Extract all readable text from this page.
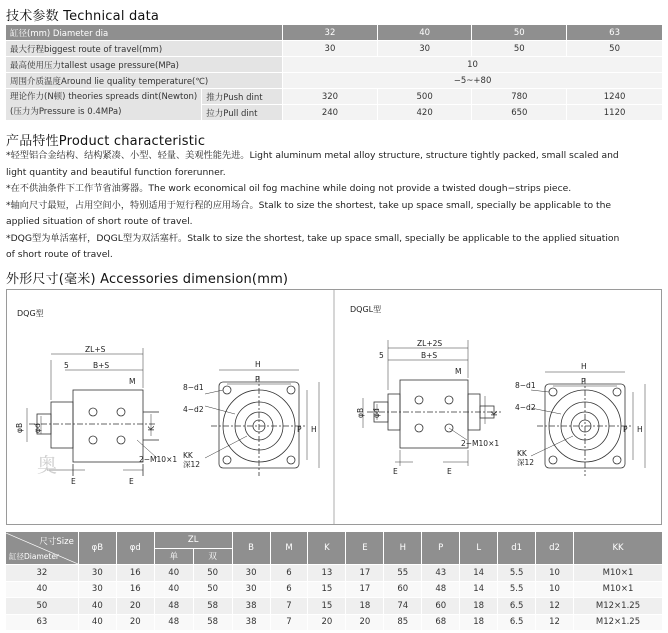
技术参数 Technical data
缸径(mm) Diameter dia		32	40	50	63
最大行程biggest route of travel(mm)		30	30	50	50
最高使用压力tallest usage pressure(MPa)		10			
周围介质温度Around lie quality temperature(℃)		−5~+80			

理论作力(N顿) theories spreads dint(Newton)
(压力为Pressure is 0.4MPa)	推力Push dint	320	500	780	1240
	拉力Pull dint	240	420	650	1120
产品特性Product characteristic
*轻型铝合金结构、结构紧凑、小型、轻量、美观性能先进。Light aluminum metal alloy structure, structure tightly packed, small scaled and
light quantity and beautiful function forerunner.
*在不供油条件下工作节省油雾器。The work economical oil fog machine while doing not provide a twisted dough−strips piece.
*轴向尺寸最短，占用空间小，特别适用于短行程的应用场合。Stalk to size the shortest, take up space small, specially be applicable to the
applied situation of short route of travel.
*DQG型为单活塞杆，DQGL型为双活塞杆。Stalk to size the shortest, take up space small, specially be applicable to the applied situation
of short route of travel.
外形尺寸(毫米) Accessories dimension(mm)
DQG型	DQGL型
ZL+S
B+S
5
M
E	E
φB φd	K
2−M10×1
奥
H
P
H
P
8−d1
4−d2
KK
深12
ZL+2S
B+S
5
M
E	E
φB φd	K
2−M10×1
H
P
H
P
8−d1
4−d2
KK
深12
尺寸Size
缸径Diameter	φB	φd	ZL		B	M	K	E	H	P	L	d1	d2	KK
			单	双										
32	30	16	40	50	30	6	13	17	55	43	14	5.5	10	M10×1
40	30	16	40	50	30	6	15	17	60	48	14	5.5	10	M10×1
50	40	20	48	58	38	7	15	18	74	60	18	6.5	12	M12×1.25
63	40	20	48	58	38	7	20	20	85	68	18	6.5	12	M12×1.25
